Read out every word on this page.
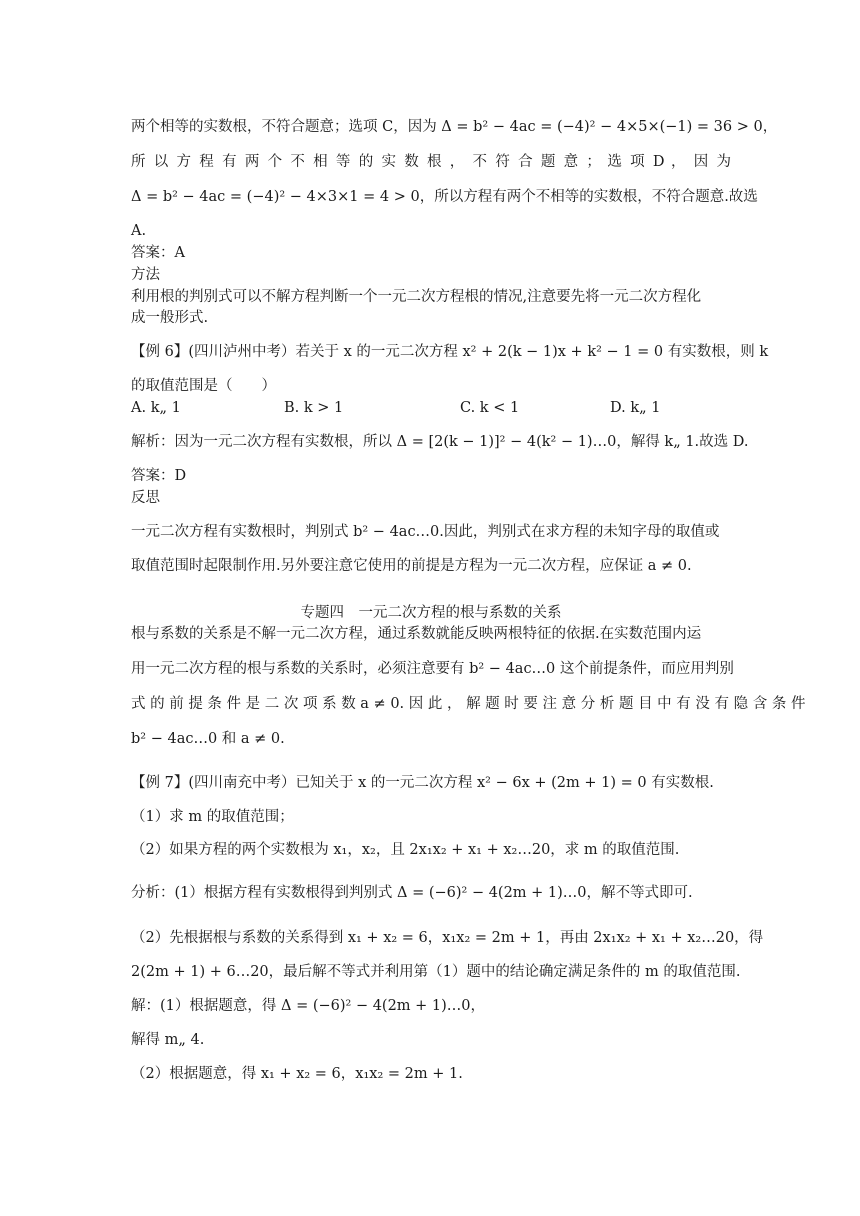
两个相等的实数根，不符合题意；选项 C，因为 Δ = b² − 4ac = (−4)² − 4×5×(−1) = 36 > 0，
所 以 方 程 有 两 个 不 相 等 的 实 数 根 ， 不 符 合 题 意 ； 选 项 D ， 因 为
Δ = b² − 4ac = (−4)² − 4×3×1 = 4 > 0，所以方程有两个不相等的实数根，不符合题意.故选
A.
答案：A
方法
利用根的判别式可以不解方程判断一个一元二次方程根的情况,注意要先将一元二次方程化
成一般形式.
【例 6】(四川泸州中考）若关于 x 的一元二次方程 x² + 2(k − 1)x + k² − 1 = 0 有实数根，则 k
的取值范围是（　　）
A. k„ 1	B. k > 1	C. k < 1	D. k„ 1
解析：因为一元二次方程有实数根，所以 Δ = [2(k − 1)]² − 4(k² − 1)…0，解得 k„ 1.故选 D.
答案：D
反思
一元二次方程有实数根时，判别式 b² − 4ac…0.因此，判别式在求方程的未知字母的取值或
取值范围时起限制作用.另外要注意它使用的前提是方程为一元二次方程，应保证 a ≠ 0.
专题四　一元二次方程的根与系数的关系
根与系数的关系是不解一元二次方程，通过系数就能反映两根特征的依据.在实数范围内运
用一元二次方程的根与系数的关系时，必须注意要有 b² − 4ac…0 这个前提条件，而应用判别
式 的 前 提 条 件 是 二 次 项 系 数 a ≠ 0. 因 此 ， 解 题 时 要 注 意 分 析 题 目 中 有 没 有 隐 含 条 件
b² − 4ac…0 和 a ≠ 0.
【例 7】(四川南充中考）已知关于 x 的一元二次方程 x² − 6x + (2m + 1) = 0 有实数根.
（1）求 m 的取值范围；
（2）如果方程的两个实数根为 x₁，x₂，且 2x₁x₂ + x₁ + x₂…20，求 m 的取值范围.
分析：(1）根据方程有实数根得到判别式 Δ = (−6)² − 4(2m + 1)…0，解不等式即可.
（2）先根据根与系数的关系得到 x₁ + x₂ = 6，x₁x₂ = 2m + 1，再由 2x₁x₂ + x₁ + x₂…20，得
2(2m + 1) + 6…20，最后解不等式并利用第（1）题中的结论确定满足条件的 m 的取值范围.
解：(1）根据题意，得 Δ = (−6)² − 4(2m + 1)…0，
解得 m„ 4.
（2）根据题意，得 x₁ + x₂ = 6，x₁x₂ = 2m + 1.
